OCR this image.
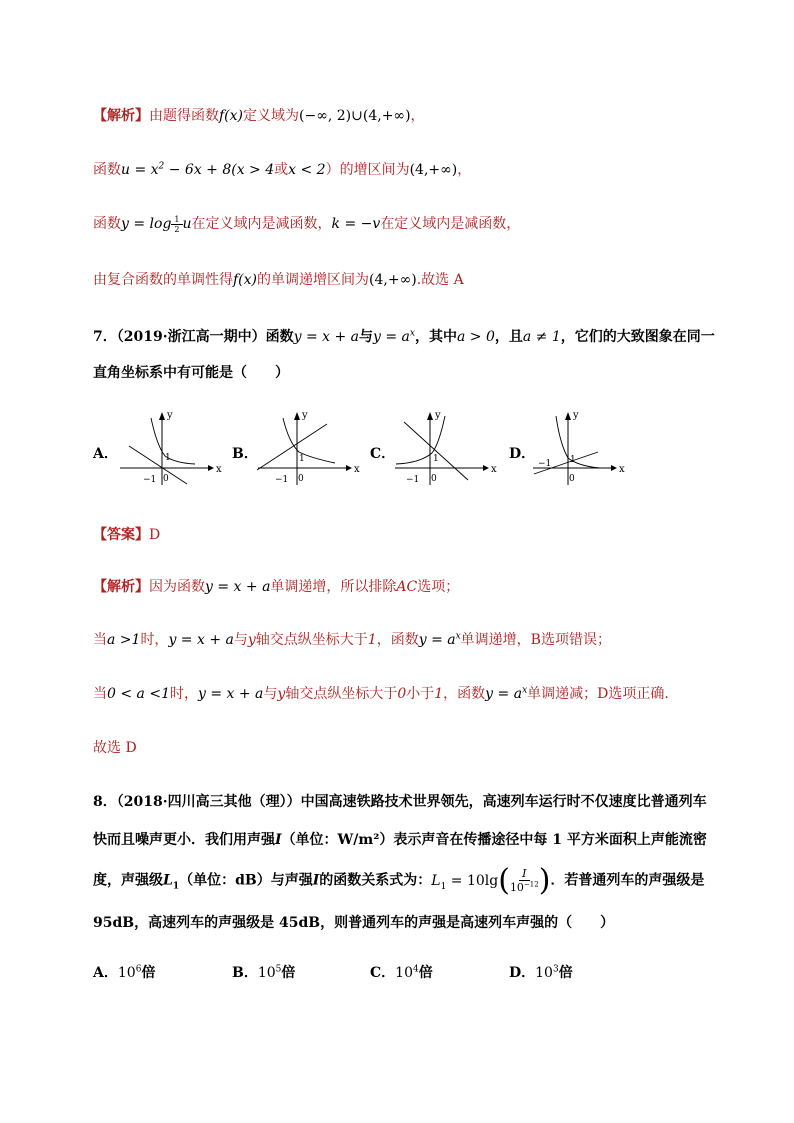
【解析】由题得函数f(x)定义域为(−∞, 2)∪(4,+∞)，
函数$u = x^2 - 6x + 8(x > 4$或x < 2）的增区间为(4,+∞)，
函数$y = \log \frac{1}{2}$ u在定义域内是减函数，k = −v在定义域内是减函数，
由复合函数的单调性得f(x)的单调递增区间为(4,+∞).故选 A
7．（2019·浙江高一期中）函数y = x + a与$y = a^x$，其中a > 0，且a ≠ 1，它们的大致图象在同一
直角坐标系中有可能是（　　）
A．
y
x
−1
1
0
B．
y
x
−1
1
0
C．
y
x
−1
1
0
D．
y
x
−1 1
0
【答案】D
【解析】因为函数y = x + a单调递增，所以排除AC选项；
当a >1时，y = x + a与y轴交点纵坐标大于1，函数$y = a^x$单调递增，B选项错误；
当0 < a <1时，y = x + a与y轴交点纵坐标大于0小于1，函数$y = a^x$单调递减；D选项正确.
故选 D
8．（2018·四川高三其他（理））中国高速铁路技术世界领先，高速列车运行时不仅速度比普通列车
快而且噪声更小．我们用声强I（单位：W/m²）表示声音在传播途径中每 1 平方米面积上声能流密
度，声强级$L_1$（单位：dB）与声强I的函数关系式为：$L_1 = 10\lg( \frac{I}{10^{-12}}$ )．若普通列车的声强级是
95dB，高速列车的声强级是 45dB，则普通列车的声强是高速列车声强的（　　）
A．$10^6$倍	B．$10^5$倍	C．$10^4$倍	D．$10^3$倍
